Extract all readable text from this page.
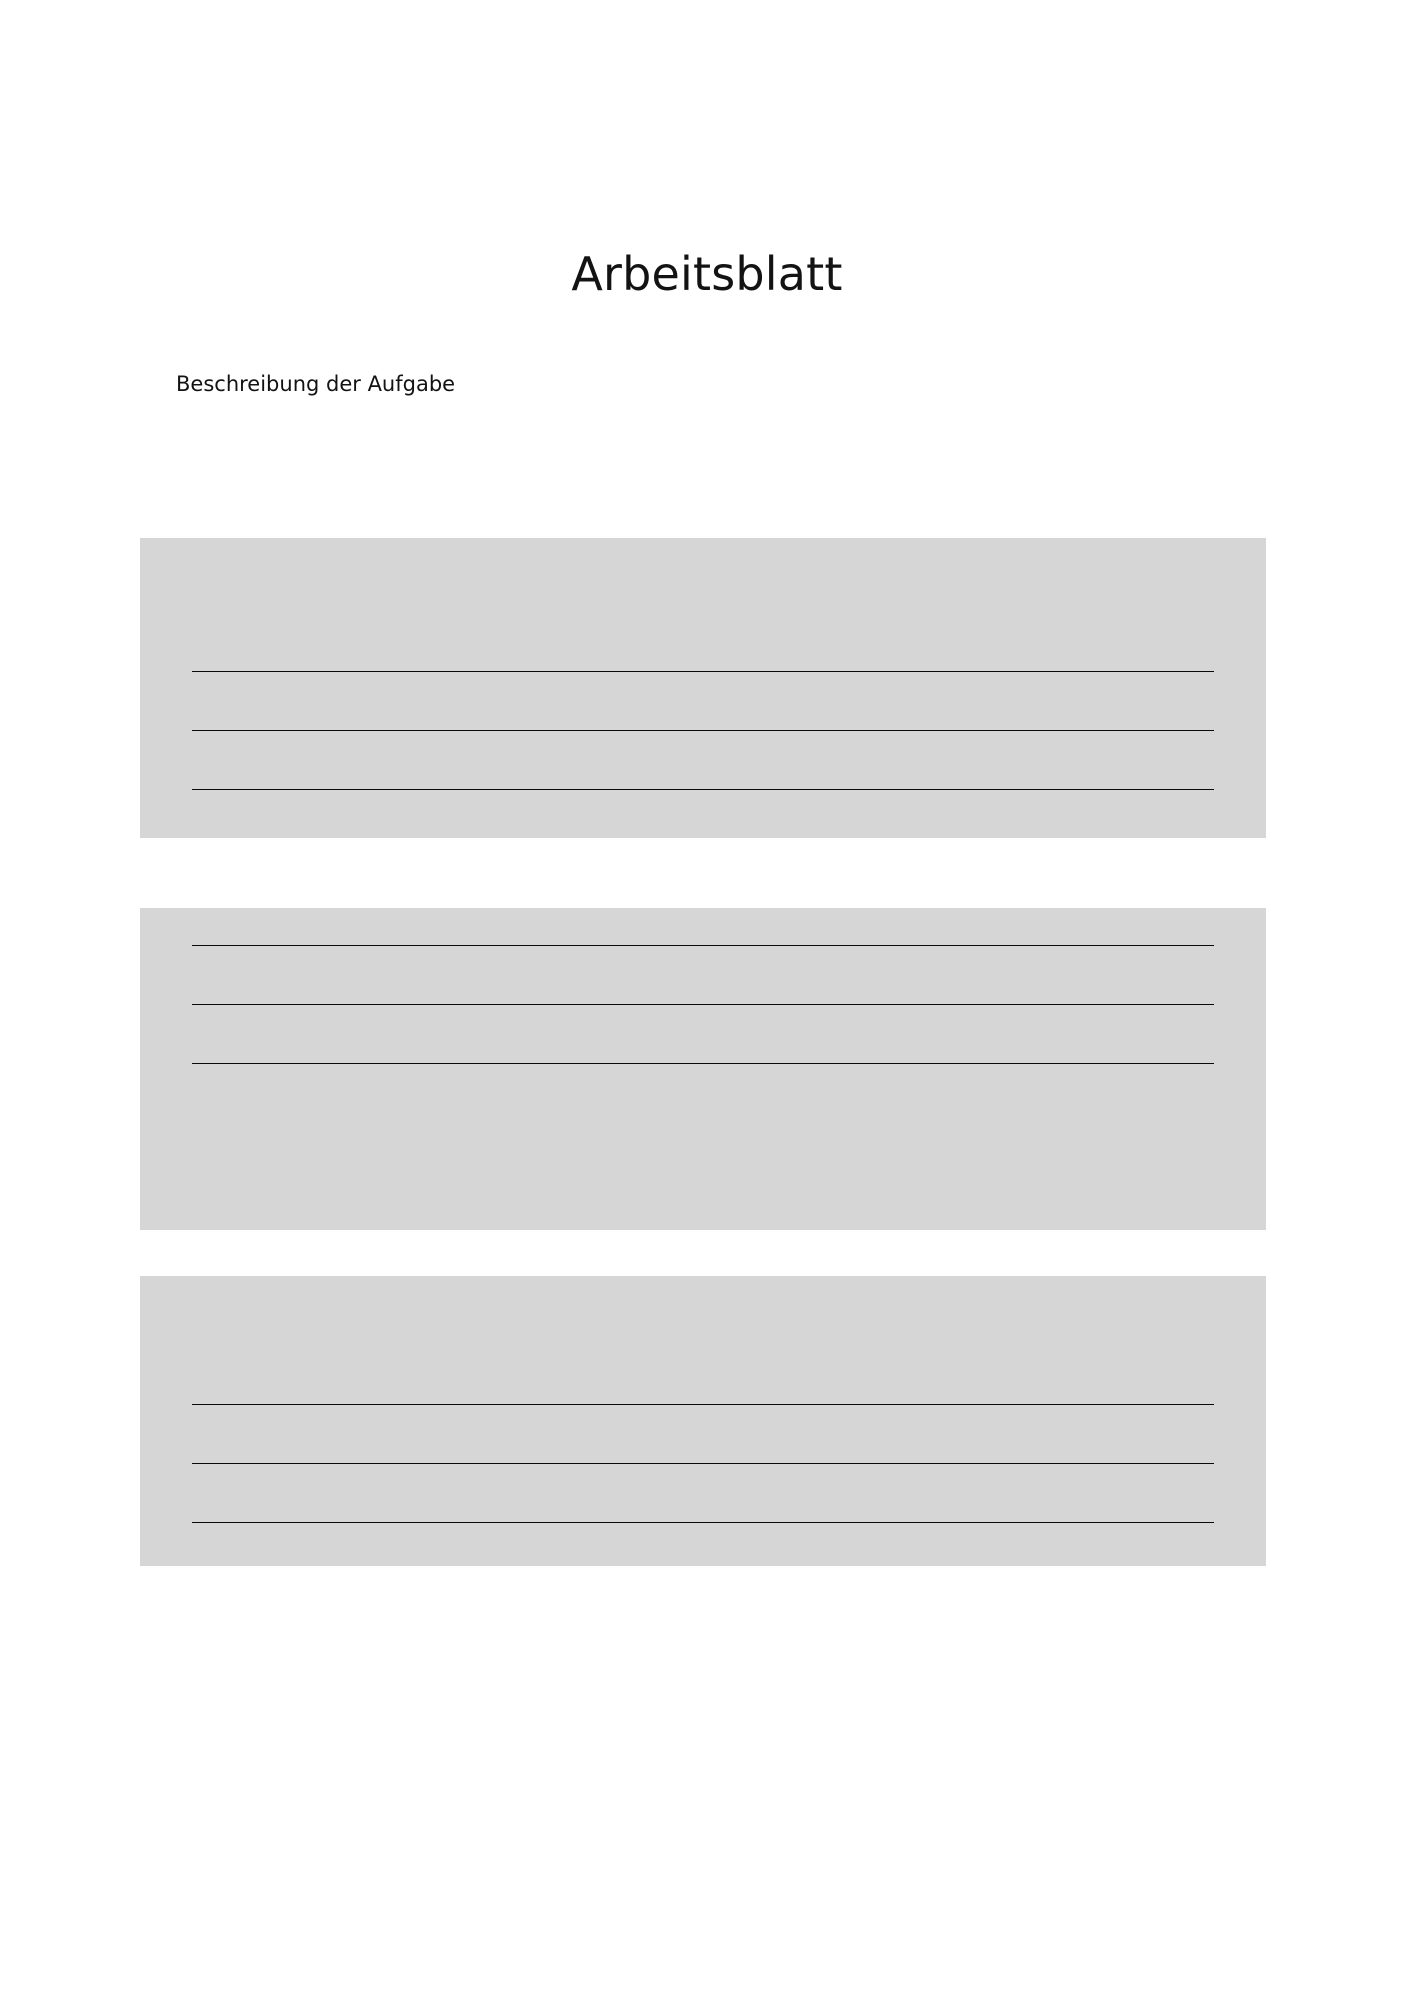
Arbeitsblatt
Beschreibung der Aufgabe
